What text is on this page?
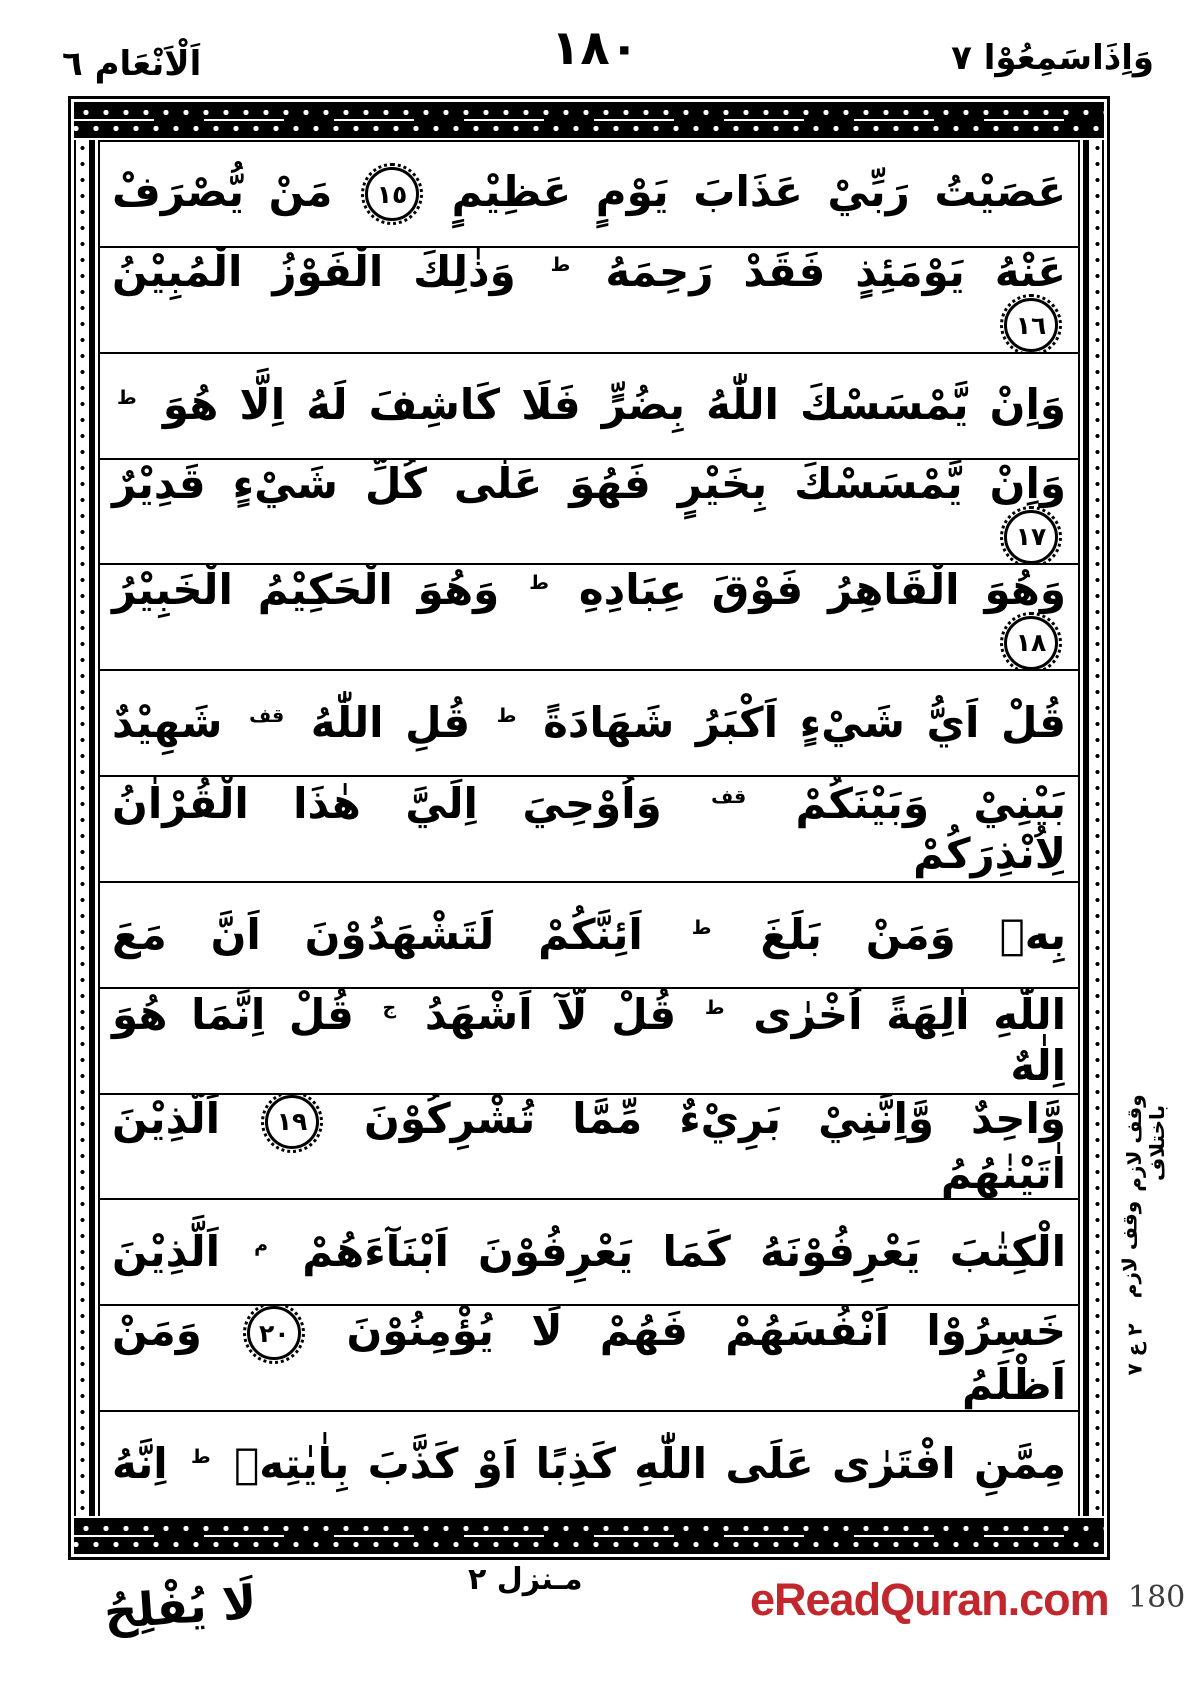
اَلْاَنْعَام ٦	١٨٠	وَاِذَاسَمِعُوْا ٧
عَصَيْتُ رَبِّيْ عَذَابَ يَوْمٍ عَظِيْمٍ
١٥
مَنْ يُّصْرَفْ
عَنْهُ يَوْمَئِذٍ فَقَدْ رَحِمَهُ $^ط$ وَذٰلِكَ الْفَوْزُ الْمُبِيْنُ
١٦
وَاِنْ يَّمْسَسْكَ اللّٰهُ بِضُرٍّ فَلَا كَاشِفَ لَهُ اِلَّا هُوَ $^ط$
وَاِنْ يَّمْسَسْكَ بِخَيْرٍ فَهُوَ عَلٰى كُلِّ شَيْءٍ قَدِيْرٌ
١٧
وَهُوَ الْقَاهِرُ فَوْقَ عِبَادِهِ $^ط$ وَهُوَ الْحَكِيْمُ الْخَبِيْرُ
١٨
قُلْ اَيُّ شَيْءٍ اَكْبَرُ شَهَادَةً $^ط$ قُلِ اللّٰهُ $^{قف}$ شَهِيْدٌ
بَيْنِيْ وَبَيْنَكُمْ $^{قف}$ وَاُوْحِيَ اِلَيَّ هٰذَا الْقُرْاٰنُ لِاُنْذِرَكُمْ
بِهٖ وَمَنْ بَلَغَ $^ط$ اَئِنَّكُمْ لَتَشْهَدُوْنَ اَنَّ مَعَ
اللّٰهِ اٰلِهَةً اُخْرٰى $^ط$ قُلْ لَّآ اَشْهَدُ $^ج$ قُلْ اِنَّمَا هُوَ اِلٰهٌ
وَّاحِدٌ وَّاِنَّنِيْ بَرِيْءٌ مِّمَّا تُشْرِكُوْنَ
١٩
اَلَّذِيْنَ اٰتَيْنٰهُمُ
الْكِتٰبَ يَعْرِفُوْنَهُ كَمَا يَعْرِفُوْنَ اَبْنَآءَهُمْ $^م$ اَلَّذِيْنَ
خَسِرُوْا اَنْفُسَهُمْ فَهُمْ لَا يُؤْمِنُوْنَ
٢٠
وَمَنْ اَظْلَمُ
مِمَّنِ افْتَرٰى عَلَى اللّٰهِ كَذِبًا اَوْ كَذَّبَ بِاٰيٰتِهٖ $^ط$ اِنَّهُ
وقف لازم باختلاف
وقف لازم
٢ ع ٧
لَا يُفْلِحُ	مـنزل ٢	eReadQuran.com 180
